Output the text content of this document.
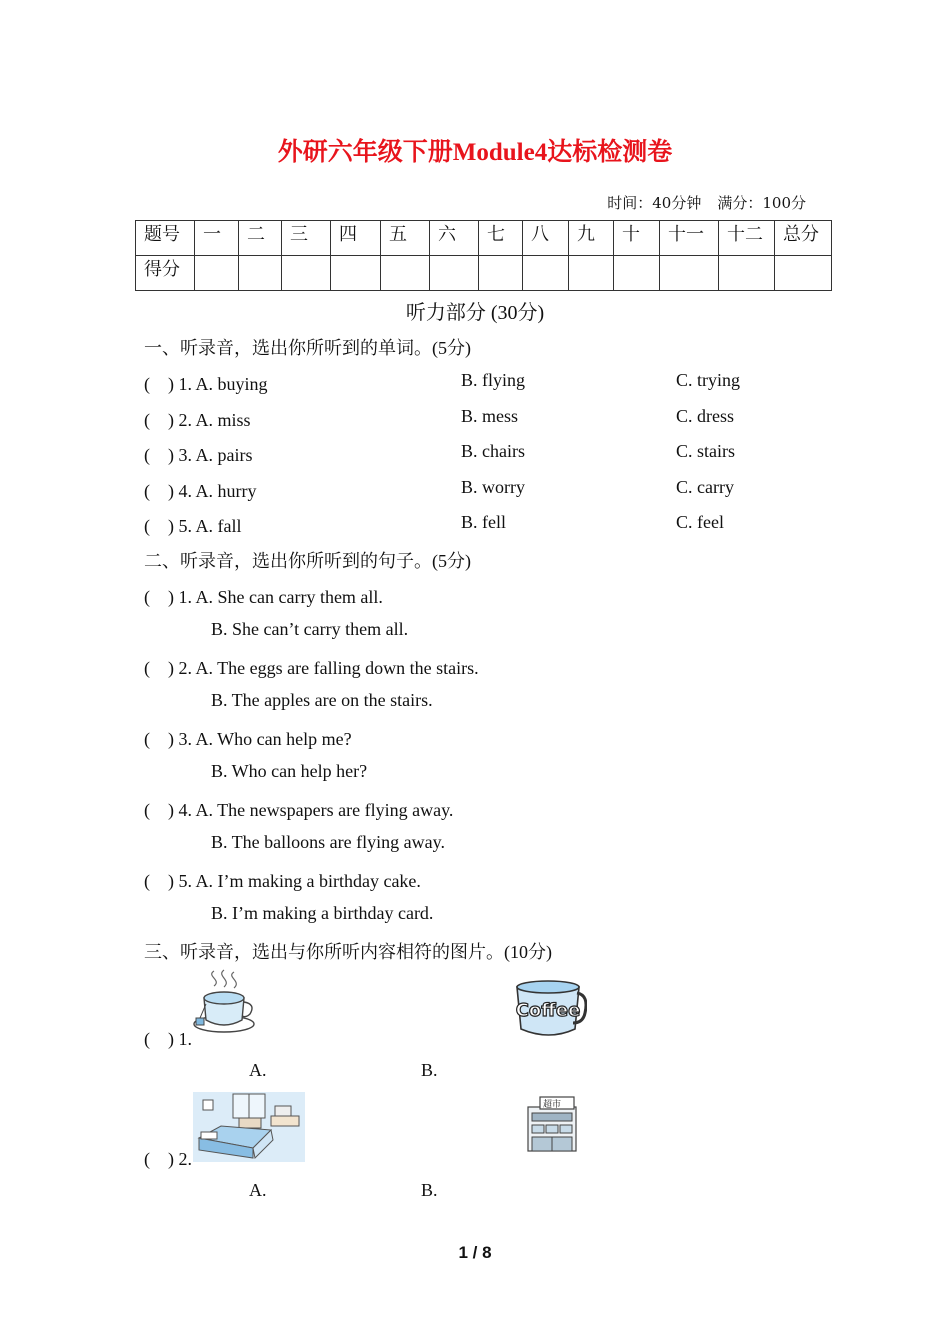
外研六年级下册Module4达标检测卷
时间：40分钟 满分：100分
题号	一	二	三	四	五	六	七	八	九	十	十一	十二	总分
得分													
听力部分 (30分)
一、听录音，选出你所听到的单词。(5分)
(　) 1. A. buying	B. flying	C. trying
(　) 2. A. miss	B. mess	C. dress
(　) 3. A. pairs	B. chairs	C. stairs
(　) 4. A. hurry	B. worry	C. carry
(　) 5. A. fall	B. fell	C. feel
二、听录音，选出你所听到的句子。(5分)
(　) 1. A. She can carry them all.
B. She can’t carry them all.
(　) 2. A. The eggs are falling down the stairs.
B. The apples are on the stairs.
(　) 3. A. Who can help me?
B. Who can help her?
(　) 4. A. The newspapers are flying away.
B. The balloons are flying away.
(　) 5. A. I’m making a birthday cake.
B. I’m making a birthday card.
三、听录音，选出与你所听内容相符的图片。(10分)
(　) 1.
Coffee
A.	B.
(　) 2.
超市
A.	B.
1 / 8
